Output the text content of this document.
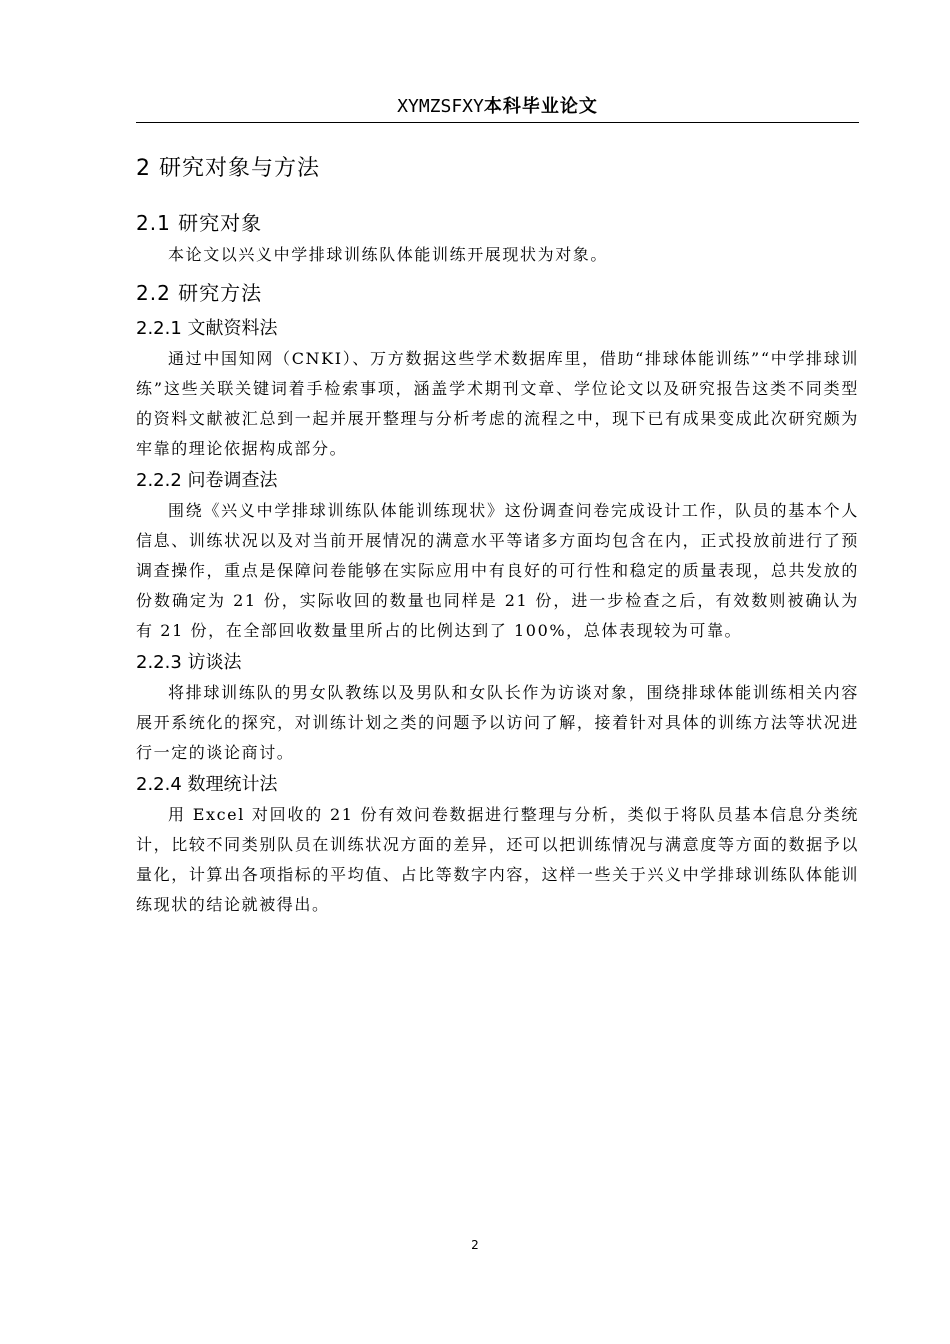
XYMZSFXY本科毕业论文
2 研究对象与方法
2.1 研究对象

本论文以兴义中学排球训练队体能训练开展现状为对象。

2.2 研究方法
2.2.1 文献资料法

通过中国知网（CNKI）、万方数据这些学术数据库里，借助“排球体能训练”“中学排球训练”这些关联关键词着手检索事项，涵盖学术期刊文章、学位论文以及研究报告这类不同类型的资料文献被汇总到一起并展开整理与分析考虑的流程之中，现下已有成果变成此次研究颇为牢靠的理论依据构成部分。

2.2.2 问卷调查法

围绕《兴义中学排球训练队体能训练现状》这份调查问卷完成设计工作，队员的基本个人信息、训练状况以及对当前开展情况的满意水平等诸多方面均包含在内，正式投放前进行了预调查操作，重点是保障问卷能够在实际应用中有良好的可行性和稳定的质量表现，总共发放的份数确定为 21 份，实际收回的数量也同样是 21 份，进一步检查之后，有效数则被确认为有 21 份，在全部回收数量里所占的比例达到了 100%，总体表现较为可靠。

2.2.3 访谈法

将排球训练队的男女队教练以及男队和女队长作为访谈对象，围绕排球体能训练相关内容展开系统化的探究，对训练计划之类的问题予以访问了解，接着针对具体的训练方法等状况进行一定的谈论商讨。

2.2.4 数理统计法

用 Excel 对回收的 21 份有效问卷数据进行整理与分析，类似于将队员基本信息分类统计，比较不同类别队员在训练状况方面的差异，还可以把训练情况与满意度等方面的数据予以量化，计算出各项指标的平均值、占比等数字内容，这样一些关于兴义中学排球训练队体能训练现状的结论就被得出。

2
